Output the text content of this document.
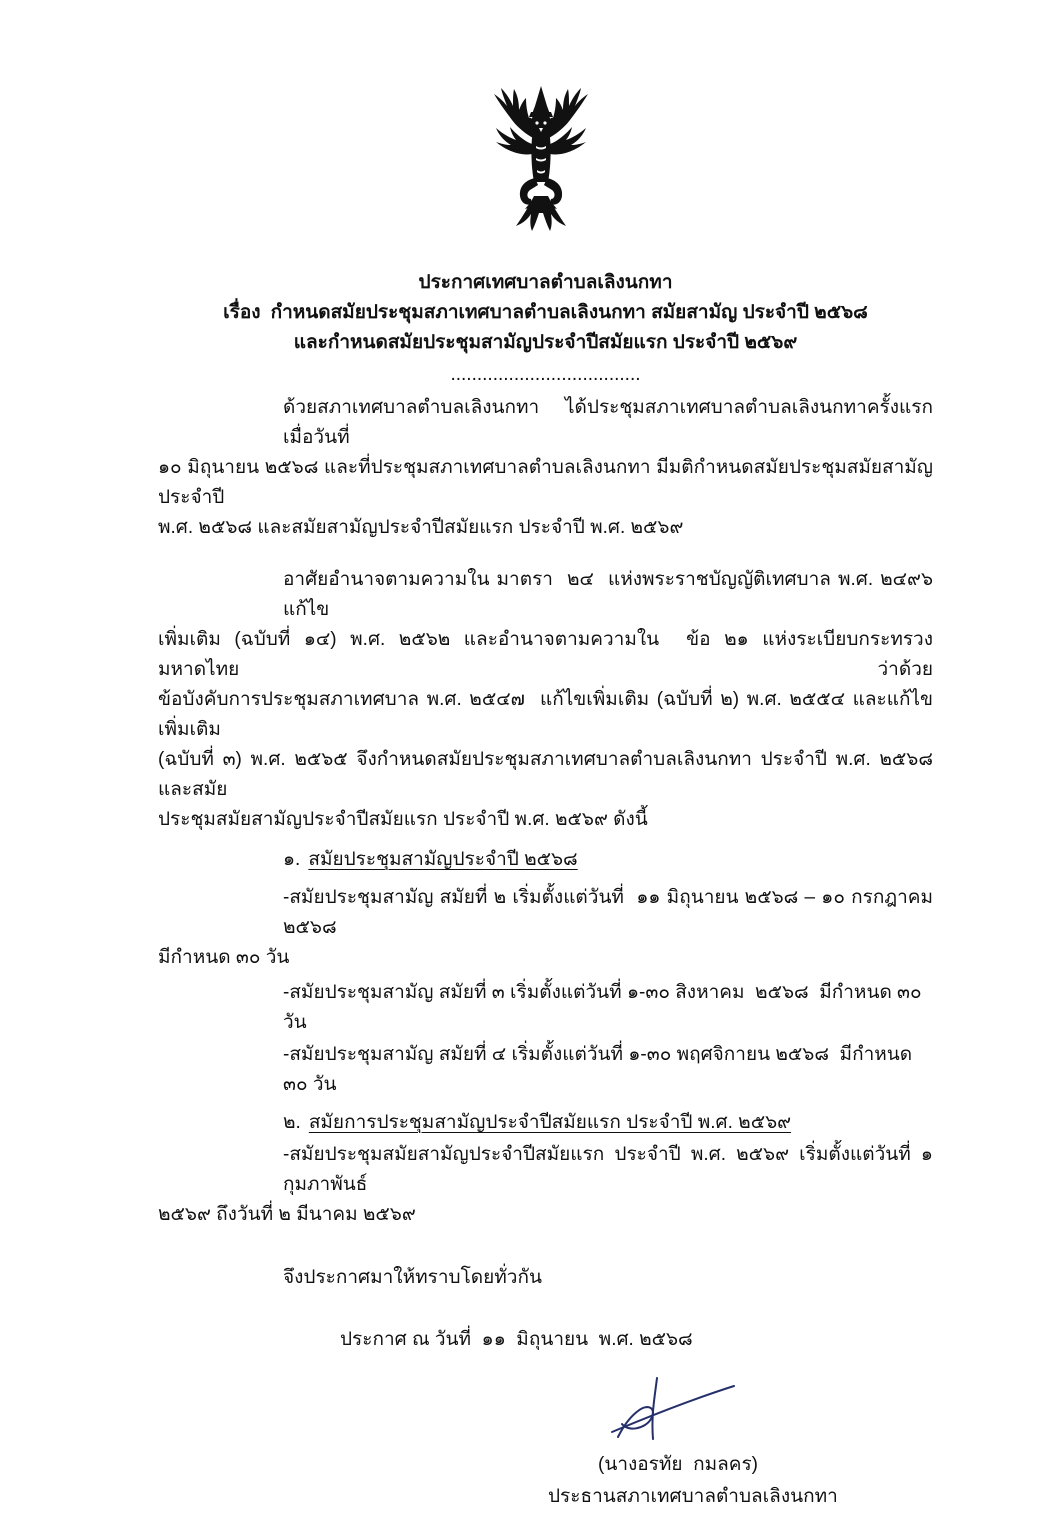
ประกาศเทศบาลตำบลเลิงนกทา
เรื่อง กำหนดสมัยประชุมสภาเทศบาลตำบลเลิงนกทา สมัยสามัญ ประจำปี ๒๕๖๘
และกำหนดสมัยประชุมสามัญประจำปีสมัยแรก ประจำปี ๒๕๖๙
....................................
ด้วยสภาเทศบาลตำบลเลิงนกทา ได้ประชุมสภาเทศบาลตำบลเลิงนกทาครั้งแรก เมื่อวันที่
๑๐ มิถุนายน ๒๕๖๘ และที่ประชุมสภาเทศบาลตำบลเลิงนกทา มีมติกำหนดสมัยประชุมสมัยสามัญ ประจำปี
พ.ศ. ๒๕๖๘ และสมัยสามัญประจำปีสมัยแรก ประจำปี พ.ศ. ๒๕๖๙
อาศัยอำนาจตามความใน มาตรา  ๒๔  แห่งพระราชบัญญัติเทศบาล พ.ศ. ๒๔๙๖ แก้ไข
เพิ่มเติม (ฉบับที่ ๑๔) พ.ศ. ๒๕๖๒ และอำนาจตามความใน  ข้อ ๒๑ แห่งระเบียบกระทรวงมหาดไทย ว่าด้วย
ข้อบังคับการประชุมสภาเทศบาล พ.ศ. ๒๕๔๗  แก้ไขเพิ่มเติม (ฉบับที่ ๒) พ.ศ. ๒๕๕๔ และแก้ไขเพิ่มเติม
(ฉบับที่ ๓) พ.ศ. ๒๕๖๕ จึงกำหนดสมัยประชุมสภาเทศบาลตำบลเลิงนกทา ประจำปี พ.ศ. ๒๕๖๘ และสมัย
ประชุมสมัยสามัญประจำปีสมัยแรก ประจำปี พ.ศ. ๒๕๖๙ ดังนี้
๑. สมัยประชุมสามัญประจำปี ๒๕๖๘
-สมัยประชุมสามัญ สมัยที่ ๒ เริ่มตั้งแต่วันที่  ๑๑ มิถุนายน ๒๕๖๘ – ๑๐ กรกฎาคม ๒๕๖๘
มีกำหนด ๓๐ วัน
-สมัยประชุมสามัญ สมัยที่ ๓ เริ่มตั้งแต่วันที่ ๑-๓๐ สิงหาคม  ๒๕๖๘  มีกำหนด ๓๐ วัน
-สมัยประชุมสามัญ สมัยที่ ๔ เริ่มตั้งแต่วันที่ ๑-๓๐ พฤศจิกายน ๒๕๖๘  มีกำหนด ๓๐ วัน
๒. สมัยการประชุมสามัญประจำปีสมัยแรก ประจำปี พ.ศ. ๒๕๖๙
-สมัยประชุมสมัยสามัญประจำปีสมัยแรก ประจำปี พ.ศ. ๒๕๖๙ เริ่มตั้งแต่วันที่ ๑ กุมภาพันธ์
๒๕๖๙ ถึงวันที่ ๒ มีนาคม ๒๕๖๙
จึงประกาศมาให้ทราบโดยทั่วกัน
ประกาศ ณ วันที่  ๑๑  มิถุนายน  พ.ศ. ๒๕๖๘
(นางอรทัย  กมลคร)
ประธานสภาเทศบาลตำบลเลิงนกทา
